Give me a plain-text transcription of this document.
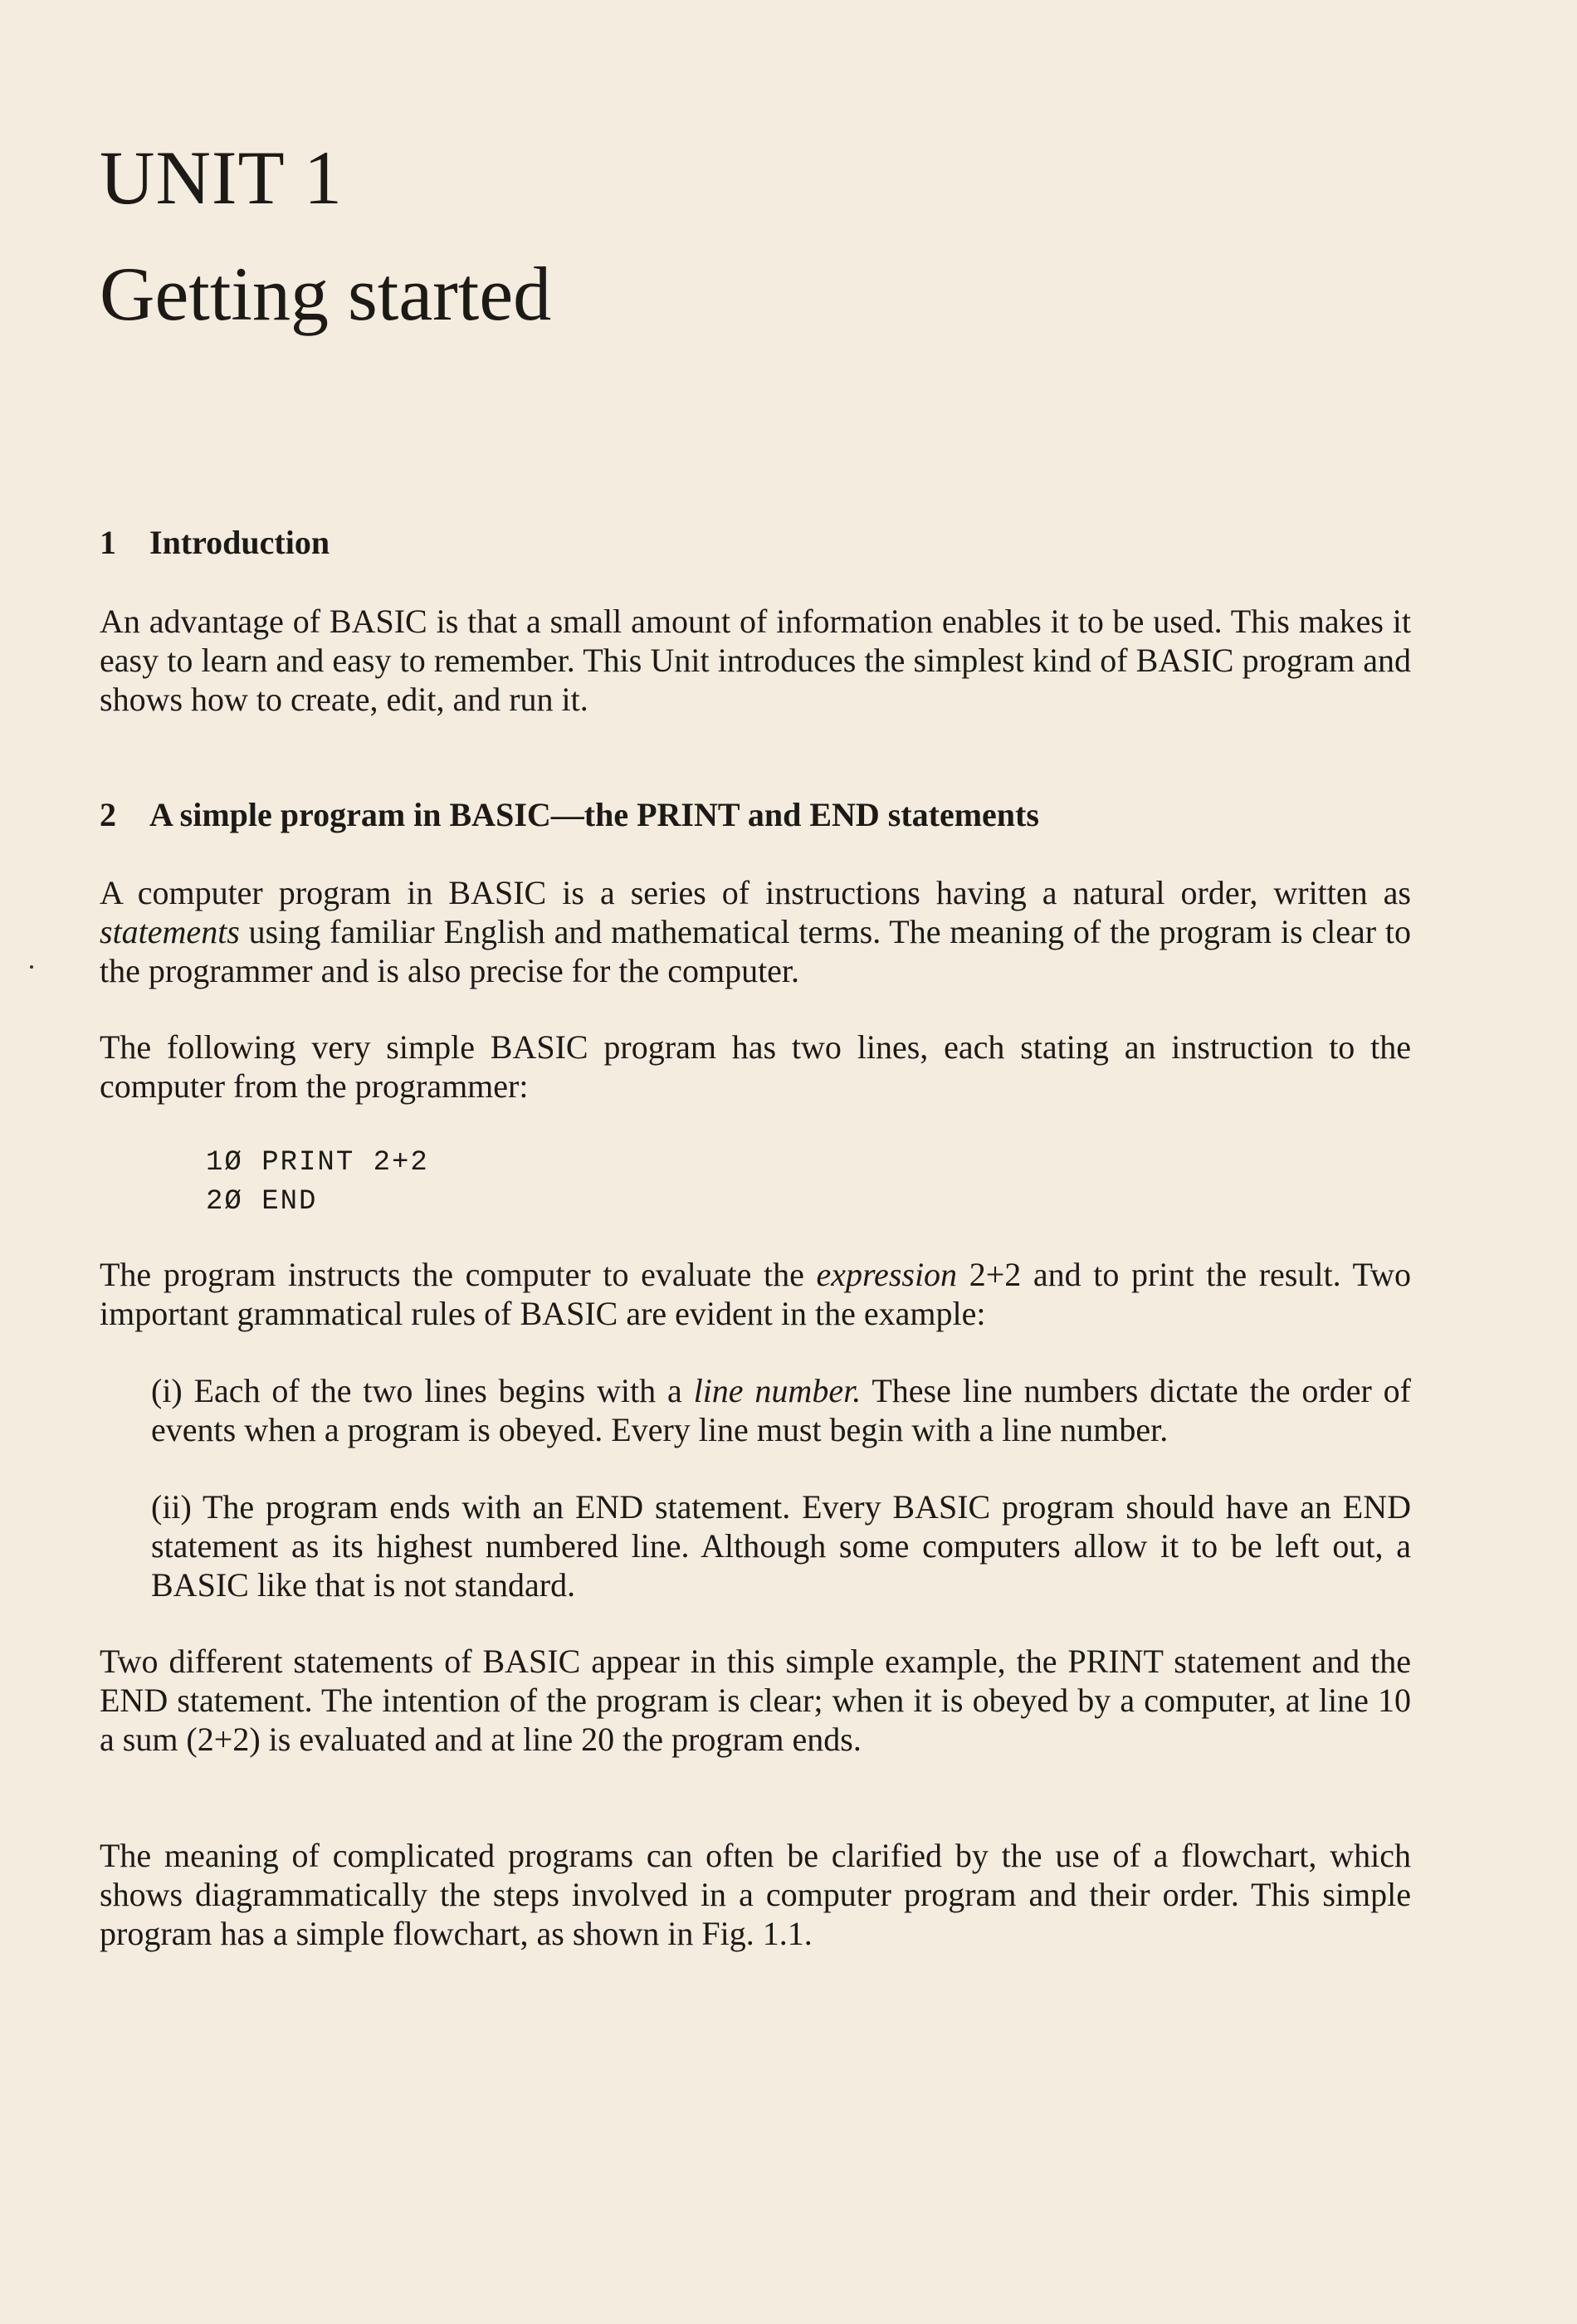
UNIT 1
Getting started
1 Introduction

An advantage of BASIC is that a small amount of information enables it to be used. This makes it easy to learn and easy to remember. This Unit introduces the simplest kind of BASIC program and shows how to create, edit, and run it.

2 A simple program in BASIC—the PRINT and END statements

A computer program in BASIC is a series of instructions having a natural order, written as statements using familiar English and mathematical terms. The meaning of the program is clear to the programmer and is also precise for the computer.

The following very simple BASIC program has two lines, each stating an instruction to the computer from the programmer:

1Ø PRINT 2+2
2Ø END

The program instructs the computer to evaluate the expression 2+2 and to print the result. Two important grammatical rules of BASIC are evident in the example:

(i) Each of the two lines begins with a line number. These line numbers dictate the order of events when a program is obeyed. Every line must begin with a line number.

(ii) The program ends with an END statement. Every BASIC program should have an END statement as its highest numbered line. Although some computers allow it to be left out, a BASIC like that is not standard.

Two different statements of BASIC appear in this simple example, the PRINT statement and the END statement. The intention of the program is clear; when it is obeyed by a computer, at line 10 a sum (2+2) is evaluated and at line 20 the program ends.

The meaning of complicated programs can often be clarified by the use of a flowchart, which shows diagrammatically the steps involved in a computer program and their order. This simple program has a simple flowchart, as shown in Fig. 1.1.
